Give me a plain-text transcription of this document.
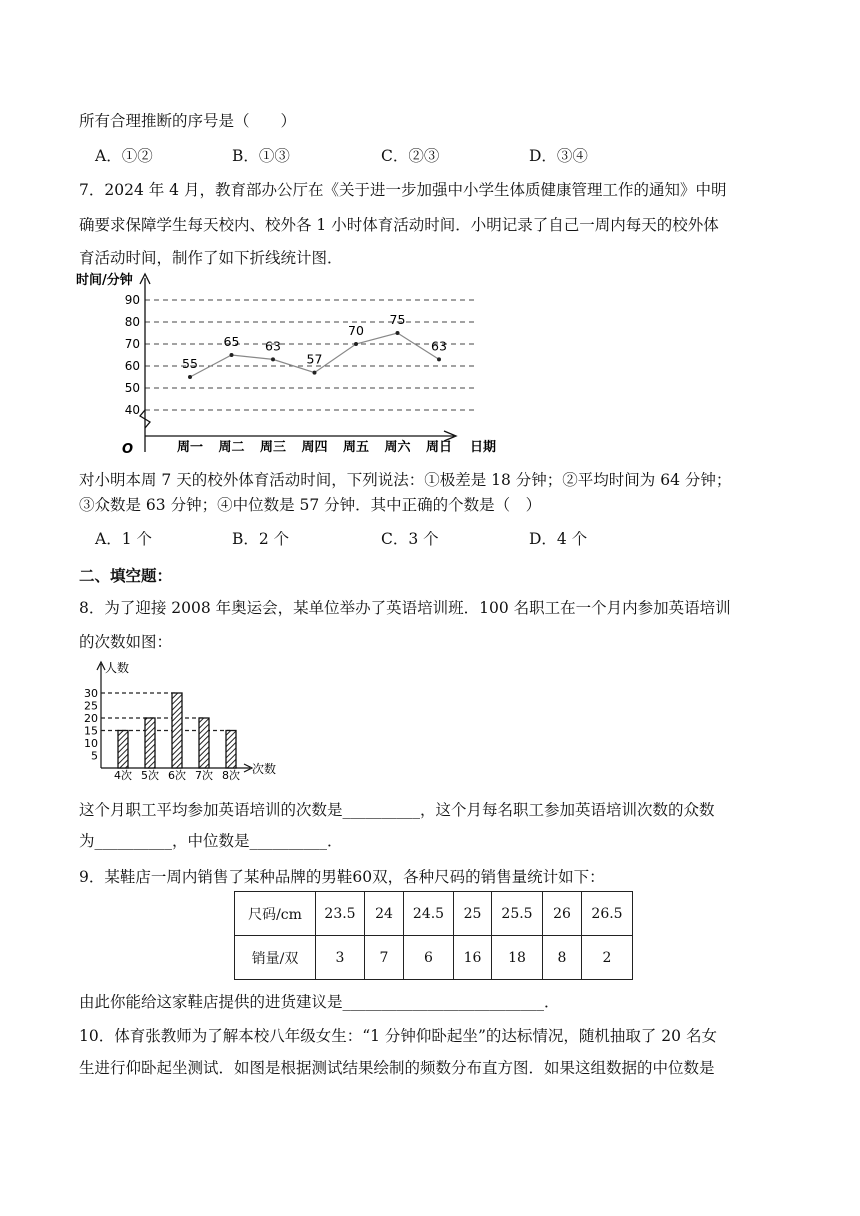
所有合理推断的序号是（　　）
A．①②	B．①③	C．②③	D．③④
7．2024 年 4 月，教育部办公厅在《关于进一步加强中小学生体质健康管理工作的通知》中明
确要求保障学生每天校内、校外各 1 小时体育活动时间．小明记录了自己一周内每天的校外体
育活动时间，制作了如下折线统计图．
时间/分钟
日期
O
40
50
60
70
80
90
周一 周二 周三 周四 周五 周六 周日
55
65 63
57
70
75
63
对小明本周 7 天的校外体育活动时间，下列说法：①极差是 18 分钟；②平均时间为 64 分钟；
③众数是 63 分钟；④中位数是 57 分钟．其中正确的个数是（　）
A．1 个	B．2 个	C．3 个	D．4 个
二、填空题：
8．为了迎接 2008 年奥运会，某单位举办了英语培训班．100 名职工在一个月内参加英语培训
的次数如图：
人数
次数
5
10
15
20
25
30
4次 5次 6次 7次 8次
这个月职工平均参加英语培训的次数是__________，这个月每名职工参加英语培训次数的众数
为__________，中位数是__________．
9．某鞋店一周内销售了某种品牌的男鞋60双，各种尺码的销售量统计如下：
尺码/cm	23.5	24	24.5	25	25.5	26	26.5
销量/双	3	7	6	16	18	8	2
由此你能给这家鞋店提供的进货建议是__________________________．
10．体育张教师为了解本校八年级女生：“1 分钟仰卧起坐”的达标情况，随机抽取了 20 名女
生进行仰卧起坐测试．如图是根据测试结果绘制的频数分布直方图．如果这组数据的中位数是
